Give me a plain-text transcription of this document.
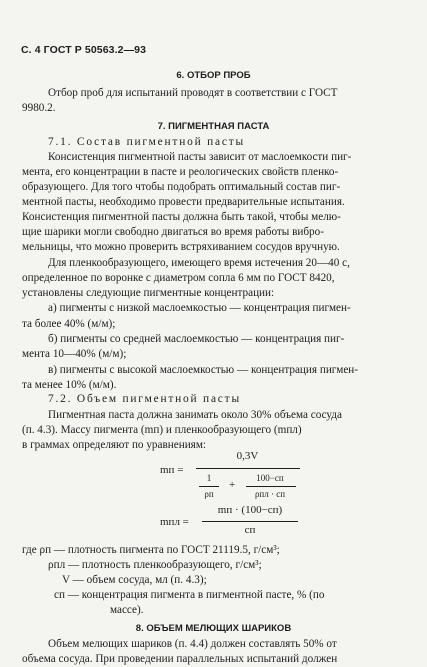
С. 4 ГОСТ Р 50563.2—93
6. ОТБОР ПРОБ
Отбор проб для испытаний проводят в соответствии с ГОСТ
9980.2.
7. ПИГМЕНТНАЯ ПАСТА
7.1. Состав пигментной пасты
Консистенция пигментной пасты зависит от маслоемкости пиг-
мента, его концентрации в пасте и реологических свойств пленко-
образующего. Для того чтобы подобрать оптимальный состав пиг-
ментной пасты, необходимо провести предварительные испытания.
Консистенция пигментной пасты должна быть такой, чтобы мелю-
щие шарики могли свободно двигаться во время работы вибро-
мельницы, что можно проверить встряхиванием сосудов вручную.
Для пленкообразующего, имеющего время истечения 20—40 с,
определенное по воронке с диаметром сопла 6 мм по ГОСТ 8420,
установлены следующие пигментные концентрации:
а) пигменты с низкой маслоемкостью — концентрация пигмен-
та более 40% (м/м);
б) пигменты со средней маслоемкостью — концентрация пиг-
мента 10—40% (м/м);
в) пигменты с высокой маслоемкостью — концентрация пигмен-
та менее 10% (м/м).
7.2. Объем пигментной пасты
Пигментная паста должна занимать около 30% объема сосуда
(п. 4.3). Массу пигмента (mп) и пленкообразующего (mпл)
в граммах определяют по уравнениям:
mп =
0,3V
1
ρп
+
100−cп
ρпл · cп
mпл =
mп · (100−cп)
cп
где ρп — плотность пигмента по ГОСТ 21119.5, г/см³;
ρпл — плотность пленкообразующего, г/см³;
V — объем сосуда, мл (п. 4.3);
cп — концентрация пигмента в пигментной пасте, % (по
массе).
8. ОБЪЕМ МЕЛЮЩИХ ШАРИКОВ
Объем мелющих шариков (п. 4.4) должен составлять 50% от
объема сосуда. При проведении параллельных испытаний должен
